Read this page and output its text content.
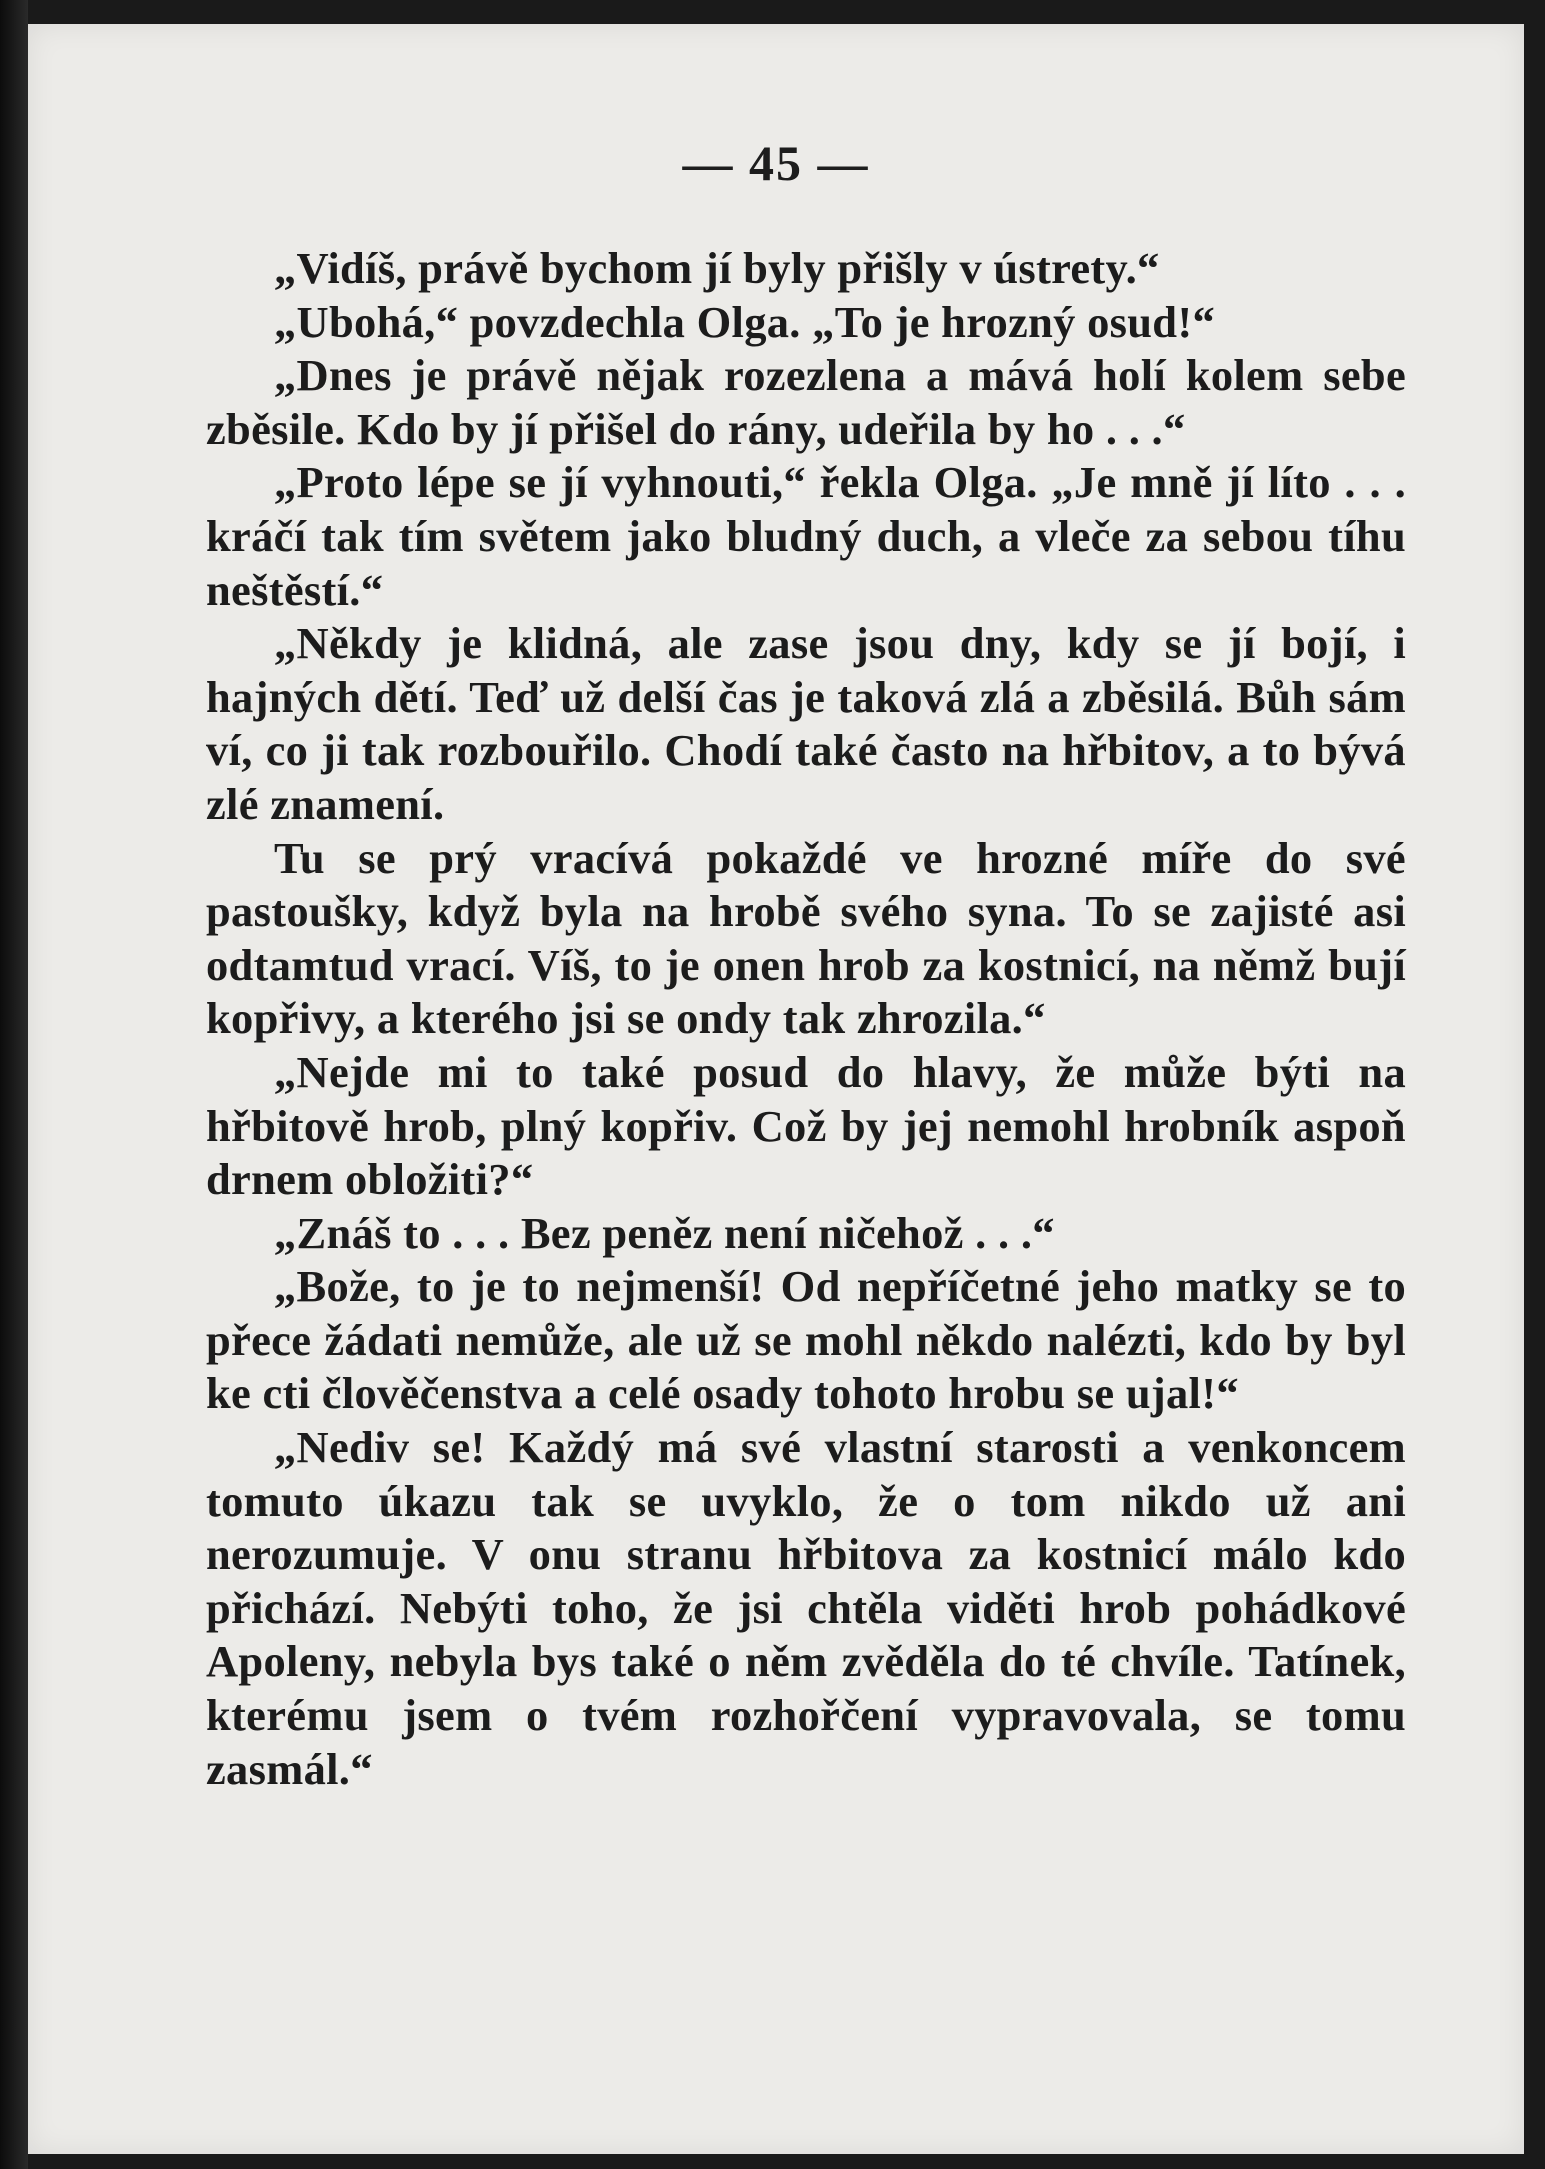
— 45 —

„Vidíš, právě bychom jí byly přišly v ústrety.“

„Ubohá,“ povzdechla Olga. „To je hrozný osud!“

„Dnes je právě nějak rozezlena a mává holí kolem sebe zběsile. Kdo by jí přišel do rány, udeřila by ho . . .“

„Proto lépe se jí vyhnouti,“ řekla Olga. „Je mně jí líto . . . kráčí tak tím světem jako bludný duch, a vleče za sebou tíhu neštěstí.“

„Někdy je klidná, ale zase jsou dny, kdy se jí bojí, i hajných dětí. Teď už delší čas je taková zlá a zběsilá. Bůh sám ví, co ji tak rozbouřilo. Chodí také často na hřbitov, a to bývá zlé znamení.

Tu se prý vracívá pokaždé ve hrozné míře do své pastoušky, když byla na hrobě svého syna. To se zajisté asi odtamtud vrací. Víš, to je onen hrob za kostnicí, na němž bují kopřivy, a kterého jsi se ondy tak zhrozila.“

„Nejde mi to také posud do hlavy, že může býti na hřbitově hrob, plný kopřiv. Což by jej nemohl hrobník aspoň drnem obložiti?“

„Znáš to . . . Bez peněz není ničehož . . .“

„Bože, to je to nejmenší! Od nepříčetné jeho matky se to přece žádati nemůže, ale už se mohl někdo nalézti, kdo by byl ke cti člověčenstva a celé osady tohoto hrobu se ujal!“

„Nediv se! Každý má své vlastní starosti a venkoncem tomuto úkazu tak se uvyklo, že o tom nikdo už ani nerozumuje. V onu stranu hřbitova za kostnicí málo kdo přichází. Nebýti toho, že jsi chtěla viděti hrob pohádkové Apoleny, nebyla bys také o něm zvěděla do té chvíle. Tatínek, kterému jsem o tvém rozhořčení vypravovala, se tomu zasmál.“
